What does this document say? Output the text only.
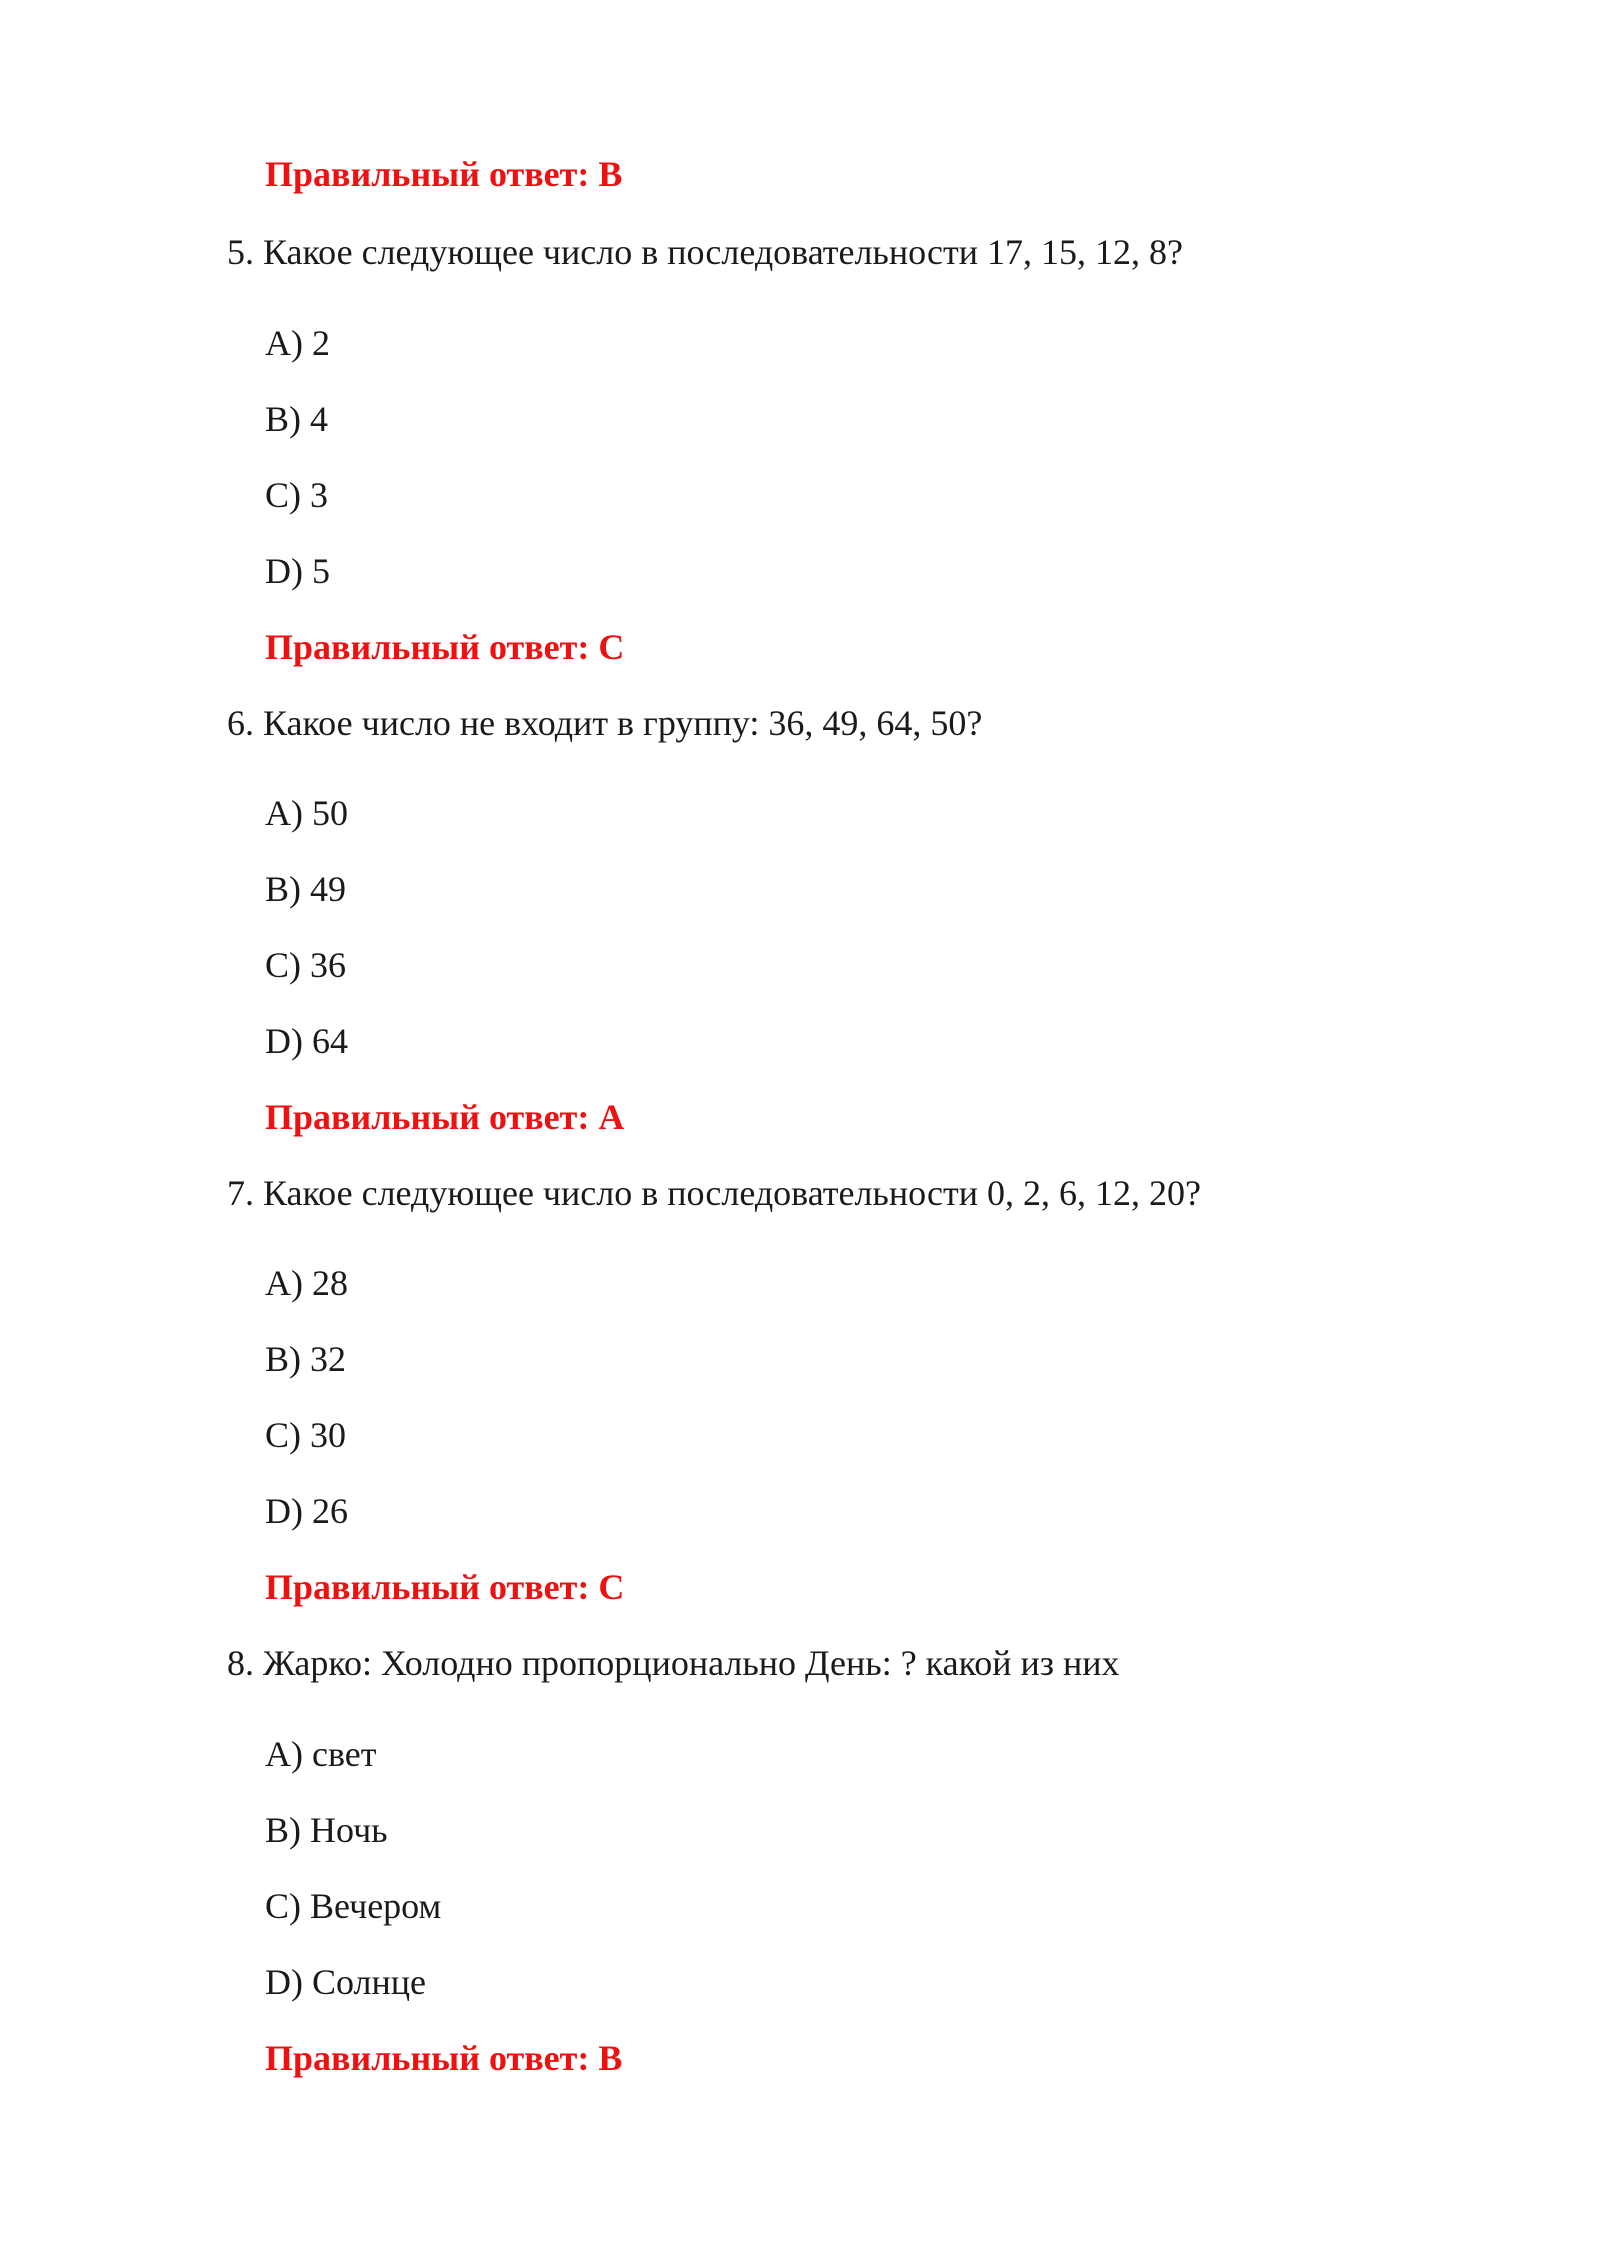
Правильный ответ: В
5. Какое следующее число в последовательности 17, 15, 12, 8?
A) 2
B) 4
C) 3
D) 5
Правильный ответ: С
6. Какое число не входит в группу: 36, 49, 64, 50?
A) 50
B) 49
C) 36
D) 64
Правильный ответ: А
7. Какое следующее число в последовательности 0, 2, 6, 12, 20?
A) 28
B) 32
C) 30
D) 26
Правильный ответ: С
8. Жарко: Холодно пропорционально День: ? какой из них
A) свет
B) Ночь
C) Вечером
D) Солнце
Правильный ответ: В
